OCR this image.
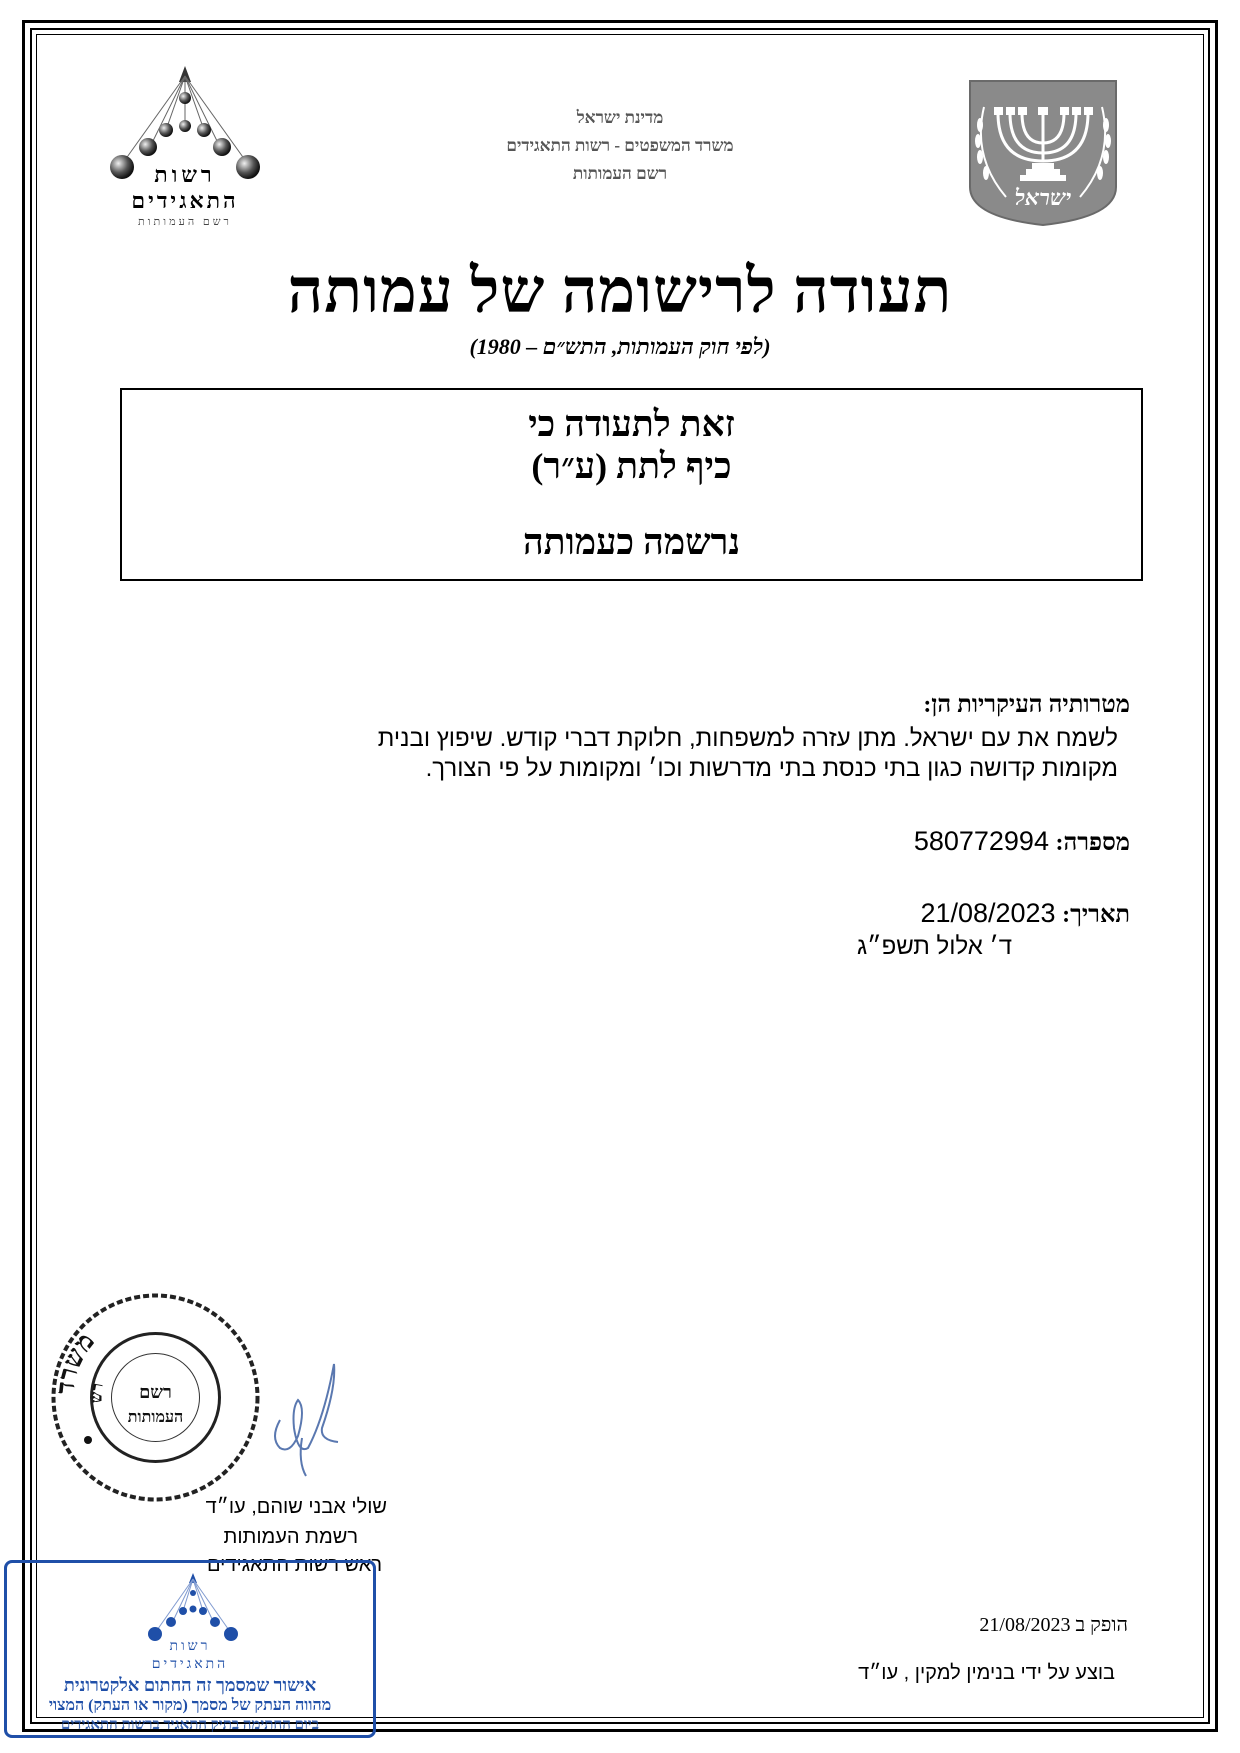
רשות
התאגידים
רשם העמותות
מדינת ישראל
משרד המשפטים - רשות התאגידים
רשם העמותות
ישראל
תעודה לרישומה של עמותה
(לפי חוק העמותות, התש״ם – 1980)
זאת לתעודה כי
כיף לתת (ע״ר)
נרשמה כעמותה
מטרותיה העיקריות הן:
לשמח את עם ישראל. מתן עזרה למשפחות, חלוקת דברי קודש. שיפוץ ובנית
מקומות קדושה כגון בתי כנסת בתי מדרשות וכו׳ ומקומות על פי הצורך.
מספרה: 580772994
תאריך: 21/08/2023
ד׳ אלול תשפ״ג
משרד
רש רשם
העמותות
שולי אבני שוהם, עו״ד
רשמת העמותות
ראש רשות התאגידים
רשות
התאגידים
אישור שמסמך זה החתום אלקטרונית
מהווה העתק של מסמך (מקור או העתק) המצוי
ביום החתימה בתיק התאגיד ברשות התאגידים
הופק ב 21/08/2023
בוצע על ידי בנימין למקין , עו״ד
